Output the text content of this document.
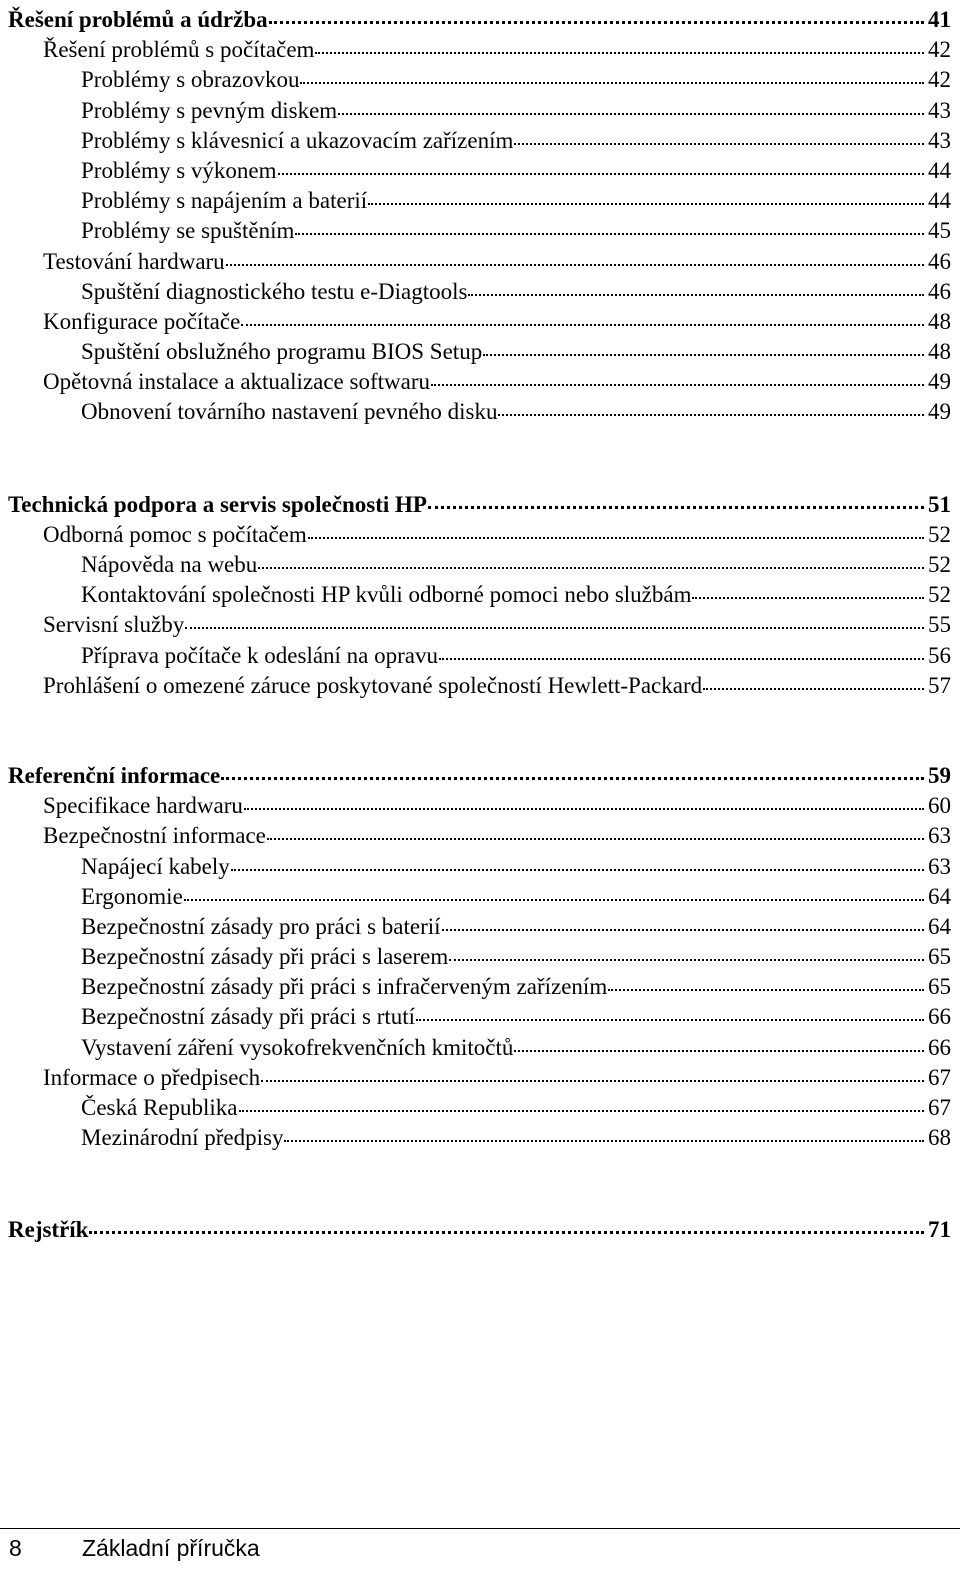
Řešení problémů a údržba	41
Řešení problémů s počítačem	42
Problémy s obrazovkou	42
Problémy s pevným diskem	43
Problémy s klávesnicí a ukazovacím zařízením	43
Problémy s výkonem	44
Problémy s napájením a baterií	44
Problémy se spuštěním	45
Testování hardwaru	46
Spuštění diagnostického testu e-Diagtools	46
Konfigurace počítače	48
Spuštění obslužného programu BIOS Setup	48
Opětovná instalace a aktualizace softwaru	49
Obnovení továrního nastavení pevného disku	49
Technická podpora a servis společnosti HP	51
Odborná pomoc s počítačem	52
Nápověda na webu	52
Kontaktování společnosti HP kvůli odborné pomoci nebo službám	52
Servisní služby	55
Příprava počítače k odeslání na opravu	56
Prohlášení o omezené záruce poskytované společností Hewlett-Packard	57
Referenční informace	59
Specifikace hardwaru	60
Bezpečnostní informace	63
Napájecí kabely	63
Ergonomie	64
Bezpečnostní zásady pro práci s baterií	64
Bezpečnostní zásady při práci s laserem	65
Bezpečnostní zásady při práci s infračerveným zařízením	65
Bezpečnostní zásady při práci s rtutí	66
Vystavení záření vysokofrekvenčních kmitočtů	66
Informace o předpisech	67
Česká Republika	67
Mezinárodní předpisy	68
Rejstřík	71
8	Základní příručka
